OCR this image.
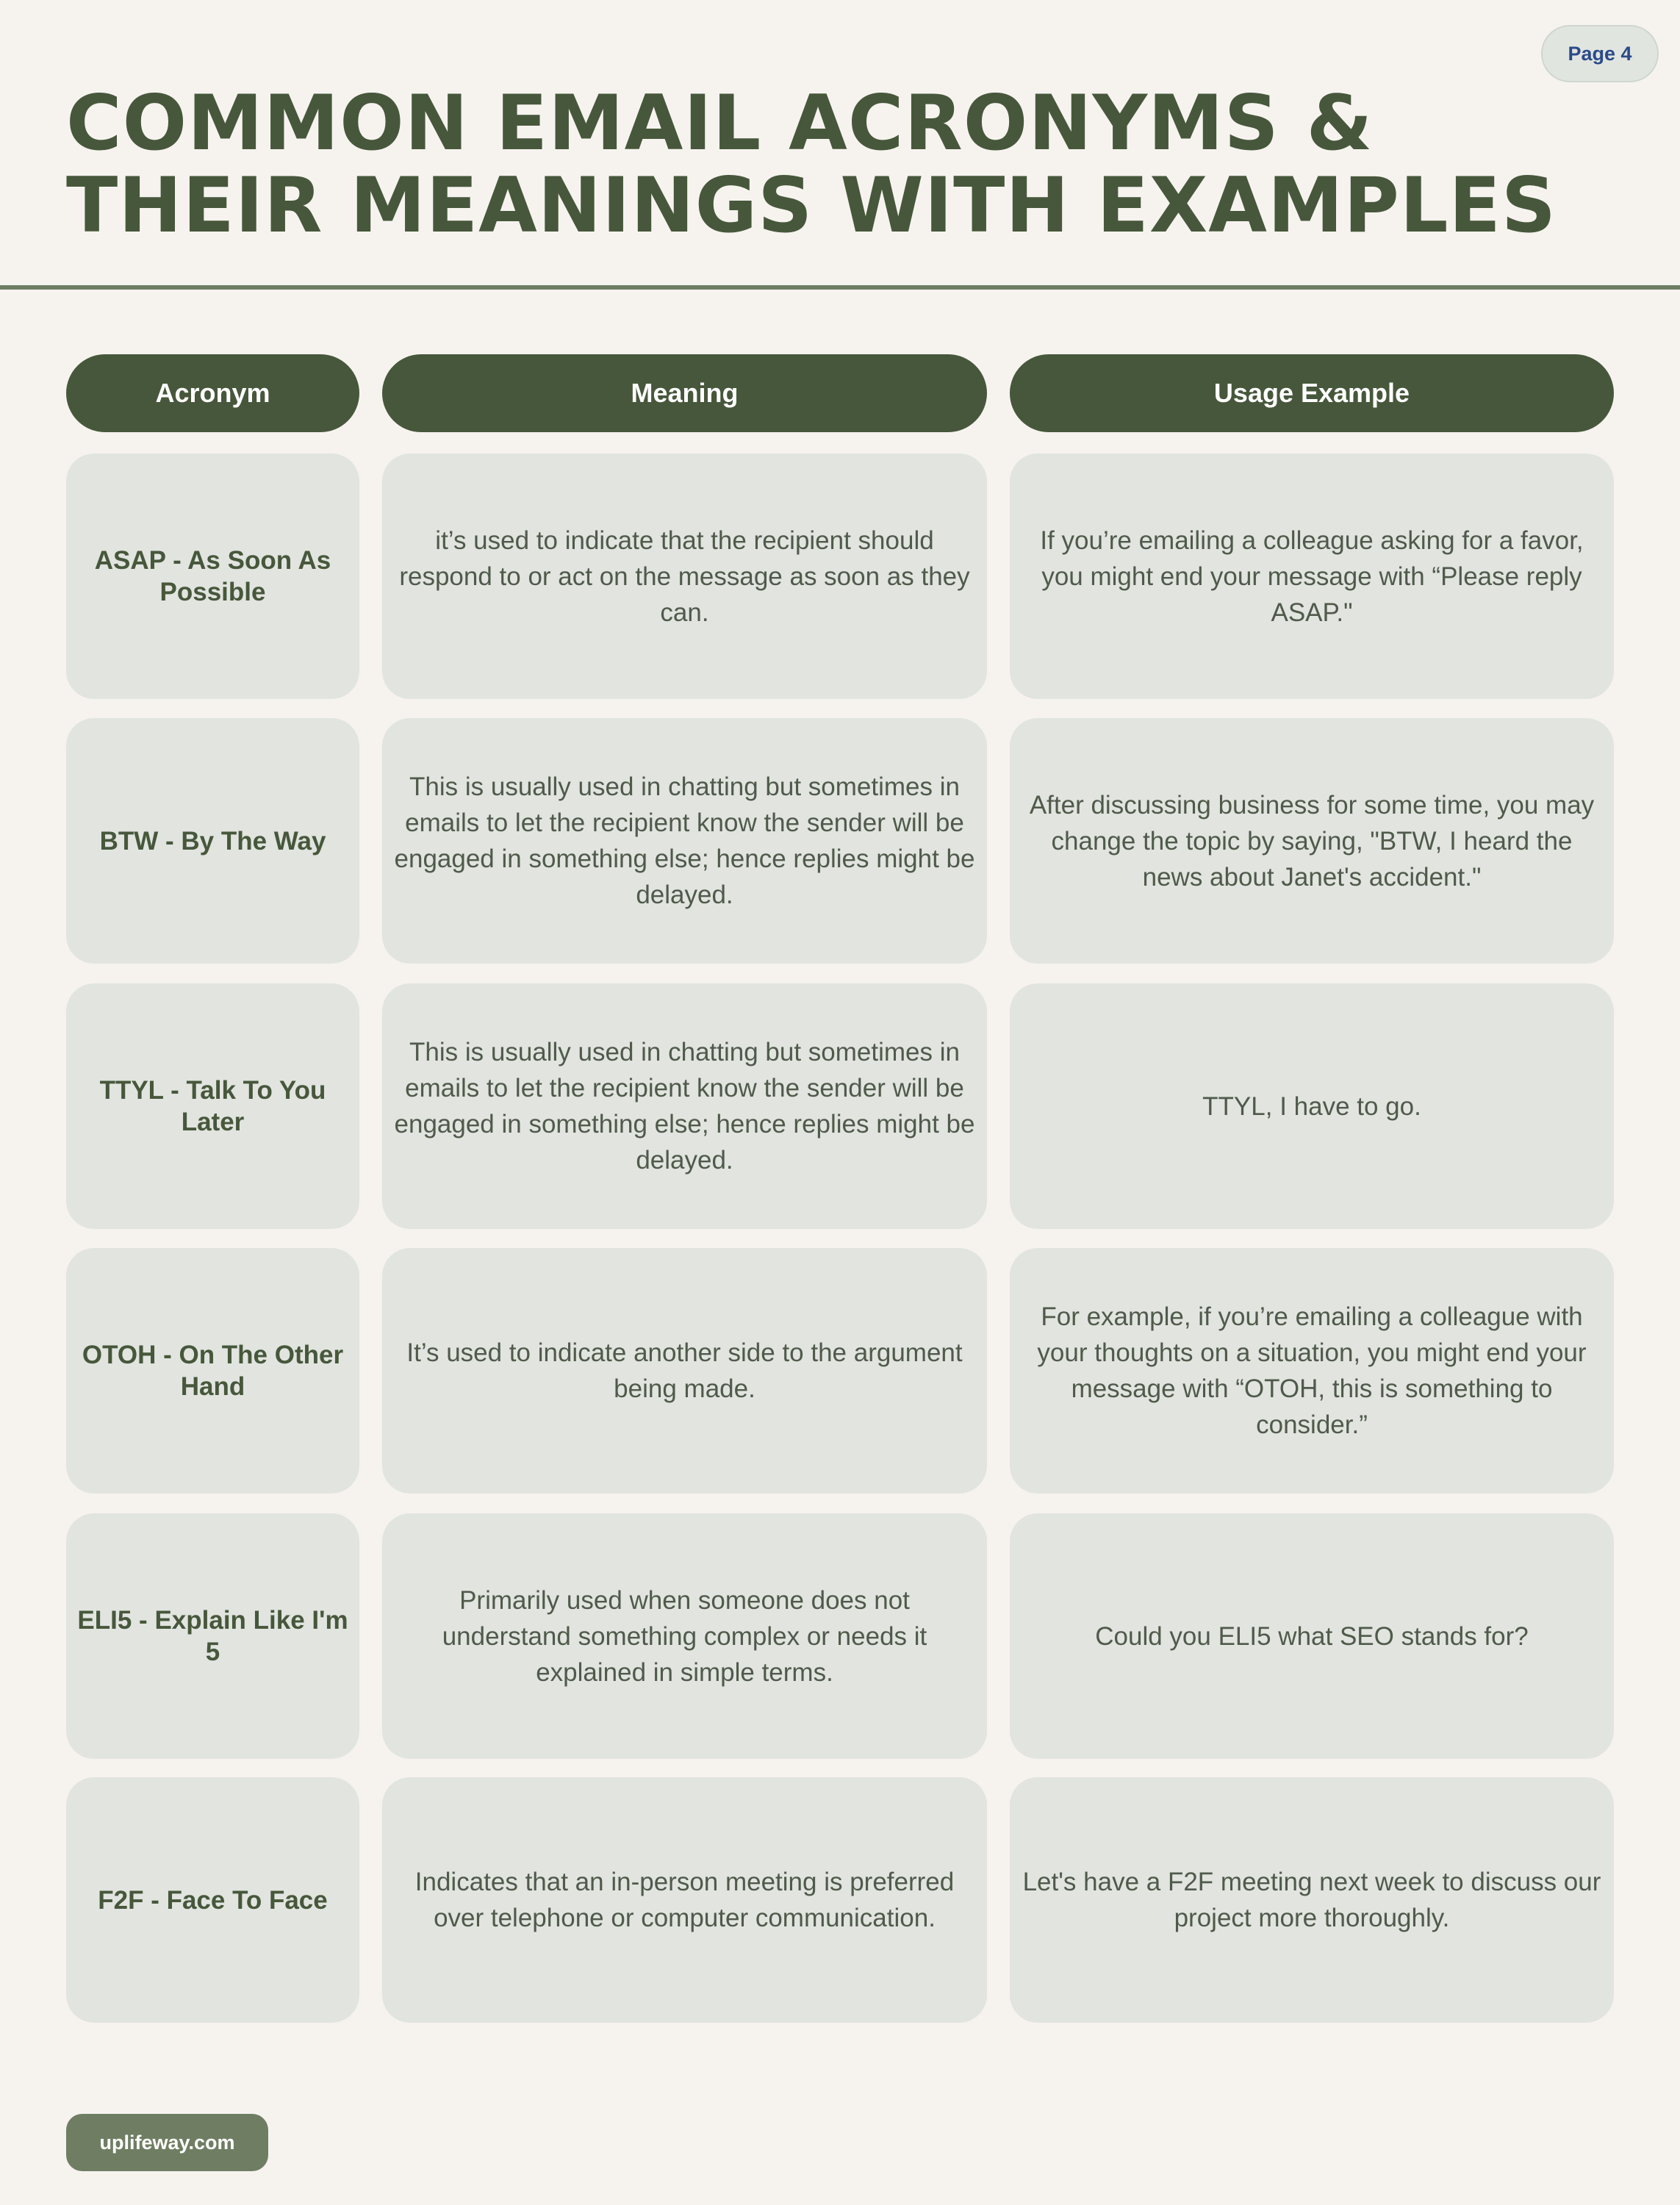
Page 4
COMMON EMAIL ACRONYMS &
THEIR MEANINGS WITH EXAMPLES
Acronym	Meaning	Usage Example
ASAP - As Soon As Possible
it’s used to indicate that the recipient should respond to or act on the message as soon as they can.
If you’re emailing a colleague asking for a favor, you might end your message with “Please reply ASAP."
BTW - By The Way
This is usually used in chatting but sometimes in emails to let the recipient know the sender will be engaged in something else; hence replies might be delayed.
After discussing business for some time, you may change the topic by saying, "BTW, I heard the news about Janet's accident."
TTYL - Talk To You Later
This is usually used in chatting but sometimes in emails to let the recipient know the sender will be engaged in something else; hence replies might be delayed.
TTYL, I have to go.
OTOH - On The Other Hand
It’s used to indicate another side to the argument being made.
For example, if you’re emailing a colleague with your thoughts on a situation, you might end your message with “OTOH, this is something to consider.”
ELI5 - Explain Like I'm 5
Primarily used when someone does not understand something complex or needs it explained in simple terms.
Could you ELI5 what SEO stands for?
F2F - Face To Face
Indicates that an in-person meeting is preferred over telephone or computer communication.
Let's have a F2F meeting next week to discuss our project more thoroughly.
uplifeway.com
